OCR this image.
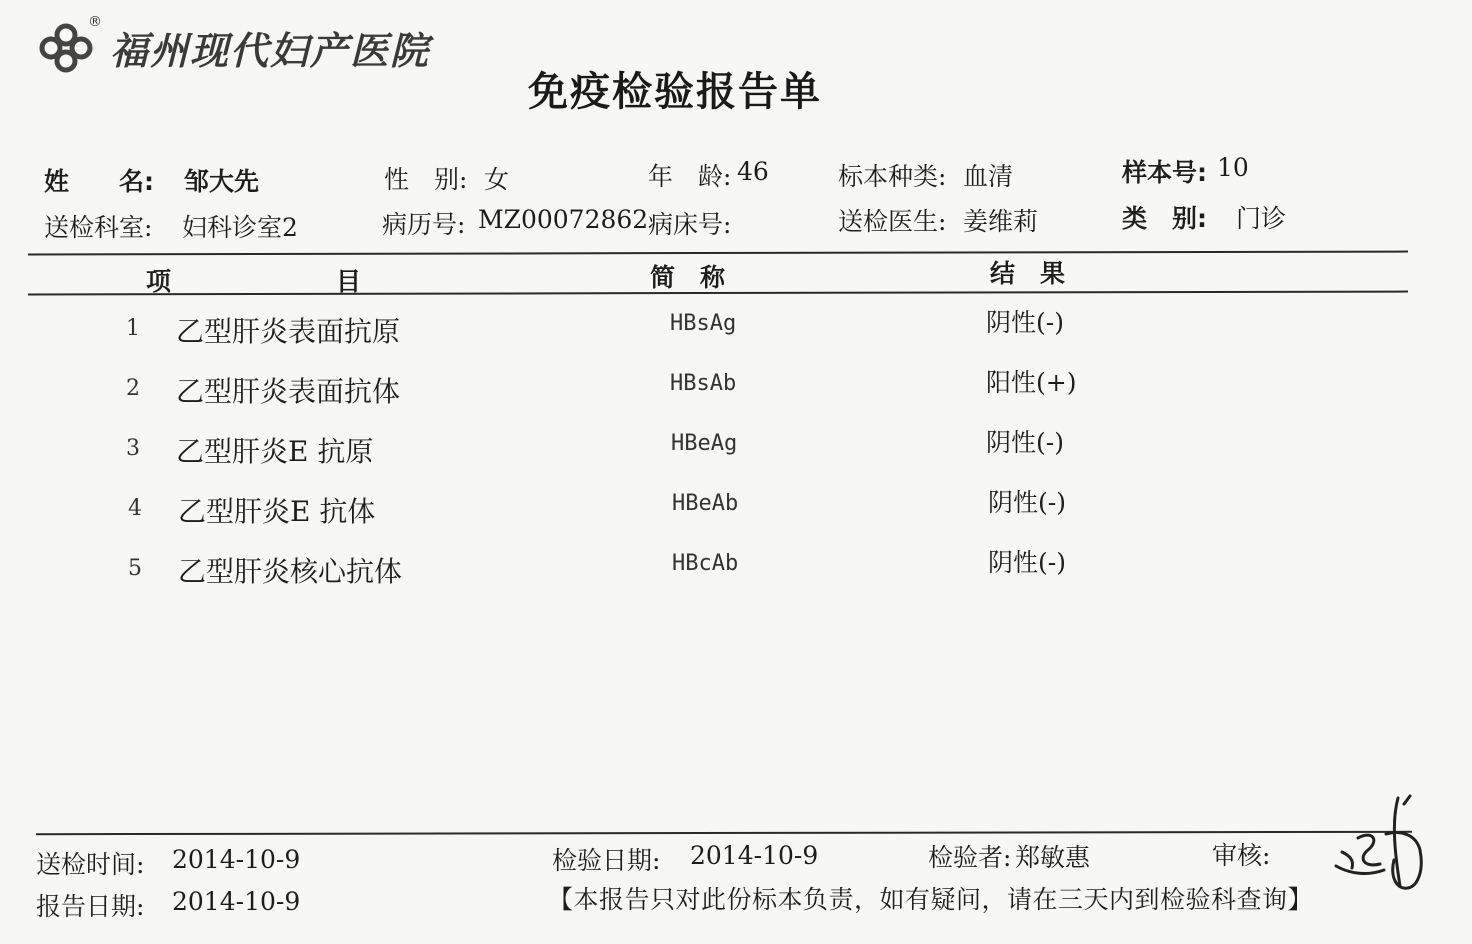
®
福州现代妇产医院
免疫检验报告单
姓　　名: 邹大先	性　别: 女	年　龄: 46	标本种类: 血清	样本号: 10
送检科室: 妇科诊室2	病历号: MZ00072862 病床号:	送检医生: 姜维莉	类　别: 门诊
项	目	简　称	结　果
1 乙型肝炎表面抗原	HBsAg	阴性(-)
2 乙型肝炎表面抗体	HBsAb	阳性(+)
3 乙型肝炎E 抗原	HBeAg	阴性(-)
4 乙型肝炎E 抗体	HBeAb	阴性(-)
5 乙型肝炎核心抗体	HBcAb	阴性(-)
送检时间: 2014-10-9	检验日期: 2014-10-9	检验者: 郑敏惠	审核:
报告日期: 2014-10-9	【本报告只对此份标本负责，如有疑问，请在三天内到检验科查询】
